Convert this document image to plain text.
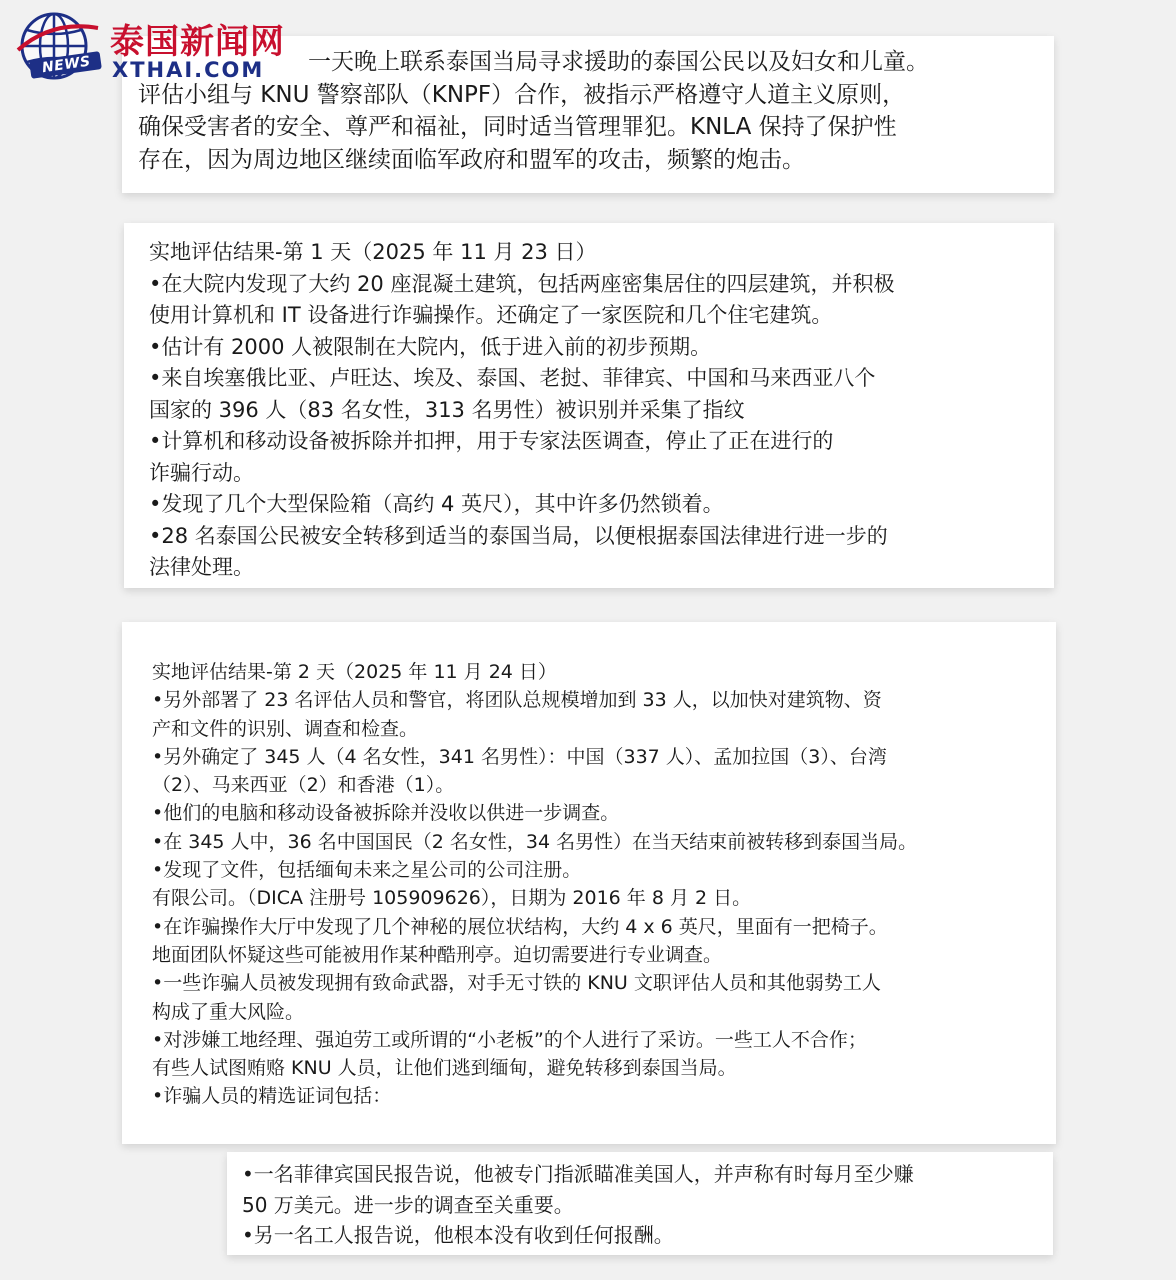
一天晚上联系泰国当局寻求援助的泰国公民以及妇女和儿童。

评估小组与 KNU 警察部队（KNPF）合作，被指示严格遵守人道主义原则，

确保受害者的安全、尊严和福祉，同时适当管理罪犯。KNLA 保持了保护性

存在，因为周边地区继续面临军政府和盟军的攻击，频繁的炮击。

实地评估结果-第 1 天（2025 年 11 月 23 日）

•在大院内发现了大约 20 座混凝土建筑，包括两座密集居住的四层建筑，并积极

使用计算机和 IT 设备进行诈骗操作。还确定了一家医院和几个住宅建筑。

•估计有 2000 人被限制在大院内，低于进入前的初步预期。

•来自埃塞俄比亚、卢旺达、埃及、泰国、老挝、菲律宾、中国和马来西亚八个

国家的 396 人（83 名女性，313 名男性）被识别并采集了指纹

•计算机和移动设备被拆除并扣押，用于专家法医调查，停止了正在进行的

诈骗行动。

•发现了几个大型保险箱（高约 4 英尺），其中许多仍然锁着。

•28 名泰国公民被安全转移到适当的泰国当局，以便根据泰国法律进行进一步的

法律处理。

实地评估结果-第 2 天（2025 年 11 月 24 日）

•另外部署了 23 名评估人员和警官，将团队总规模增加到 33 人，以加快对建筑物、资

产和文件的识别、调查和检查。

•另外确定了 345 人（4 名女性，341 名男性）：中国（337 人）、孟加拉国（3）、台湾

（2）、马来西亚（2）和香港（1）。

•他们的电脑和移动设备被拆除并没收以供进一步调查。

•在 345 人中，36 名中国国民（2 名女性，34 名男性）在当天结束前被转移到泰国当局。

•发现了文件，包括缅甸未来之星公司的公司注册。

有限公司。（DICA 注册号 105909626），日期为 2016 年 8 月 2 日。

•在诈骗操作大厅中发现了几个神秘的展位状结构，大约 4 x 6 英尺，里面有一把椅子。

地面团队怀疑这些可能被用作某种酷刑亭。迫切需要进行专业调查。

•一些诈骗人员被发现拥有致命武器，对手无寸铁的 KNU 文职评估人员和其他弱势工人

构成了重大风险。

•对涉嫌工地经理、强迫劳工或所谓的“小老板”的个人进行了采访。一些工人不合作；

有些人试图贿赂 KNU 人员，让他们逃到缅甸，避免转移到泰国当局。

•诈骗人员的精选证词包括：

•一名菲律宾国民报告说，他被专门指派瞄准美国人，并声称有时每月至少赚

50 万美元。进一步的调查至关重要。

•另一名工人报告说，他根本没有收到任何报酬。

NEWS
泰国新闻网
XTHAI.COM
